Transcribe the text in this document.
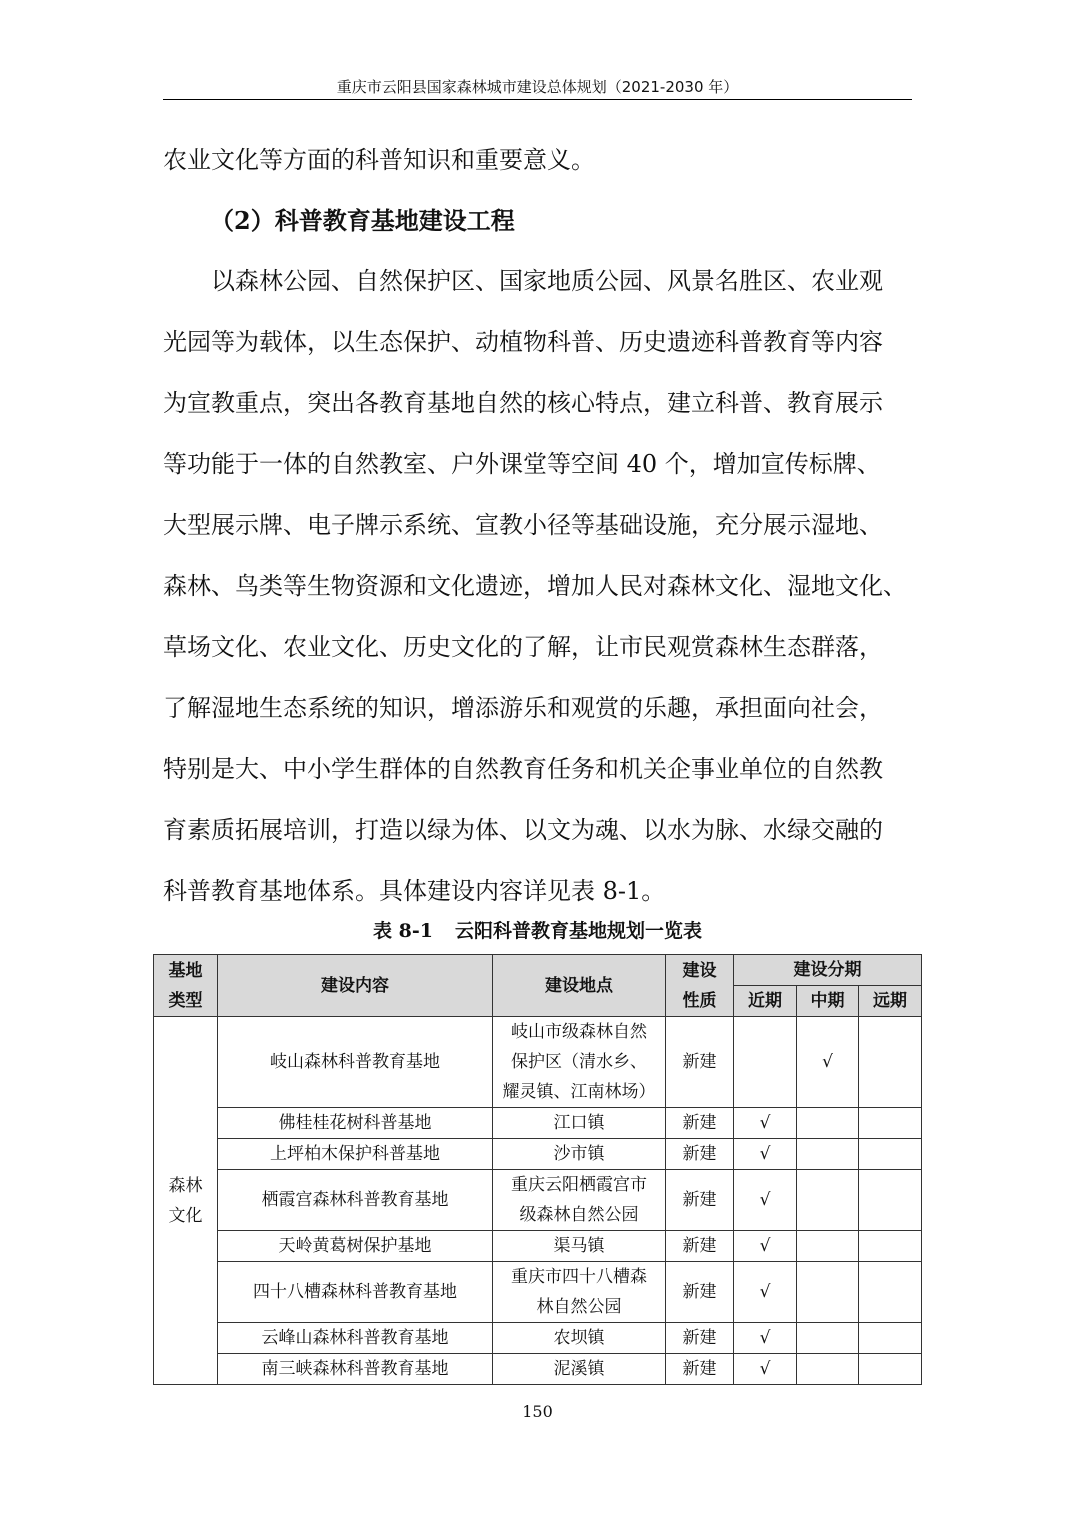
重庆市云阳县国家森林城市建设总体规划（2021-2030 年）
农业文化等方面的科普知识和重要意义。
（2）科普教育基地建设工程
以森林公园、自然保护区、国家地质公园、风景名胜区、农业观
光园等为载体，以生态保护、动植物科普、历史遗迹科普教育等内容
为宣教重点，突出各教育基地自然的核心特点，建立科普、教育展示
等功能于一体的自然教室、户外课堂等空间 40 个，增加宣传标牌、
大型展示牌、电子牌示系统、宣教小径等基础设施，充分展示湿地、
森林、鸟类等生物资源和文化遗迹，增加人民对森林文化、湿地文化、
草场文化、农业文化、历史文化的了解，让市民观赏森林生态群落，
了解湿地生态系统的知识，增添游乐和观赏的乐趣，承担面向社会，
特别是大、中小学生群体的自然教育任务和机关企事业单位的自然教
育素质拓展培训，打造以绿为体、以文为魂、以水为脉、水绿交融的
科普教育基地体系。具体建设内容详见表 8-1。
表 8-1 云阳科普教育基地规划一览表
基地
类型	建设内容	建设地点	建设
性质	建设分期		
				近期	中期	远期
森林
文化	岐山森林科普教育基地	岐山市级森林自然
保护区（清水乡、
耀灵镇、江南林场）	新建		√	
	佛桂桂花树科普基地	江口镇	新建	√		
	上坪柏木保护科普基地	沙市镇	新建	√		
	栖霞宫森林科普教育基地	重庆云阳栖霞宫市
级森林自然公园	新建	√		
	天岭黄葛树保护基地	渠马镇	新建	√		
	四十八槽森林科普教育基地	重庆市四十八槽森
林自然公园	新建	√		
	云峰山森林科普教育基地	农坝镇	新建	√		
	南三峡森林科普教育基地	泥溪镇	新建	√		
150
